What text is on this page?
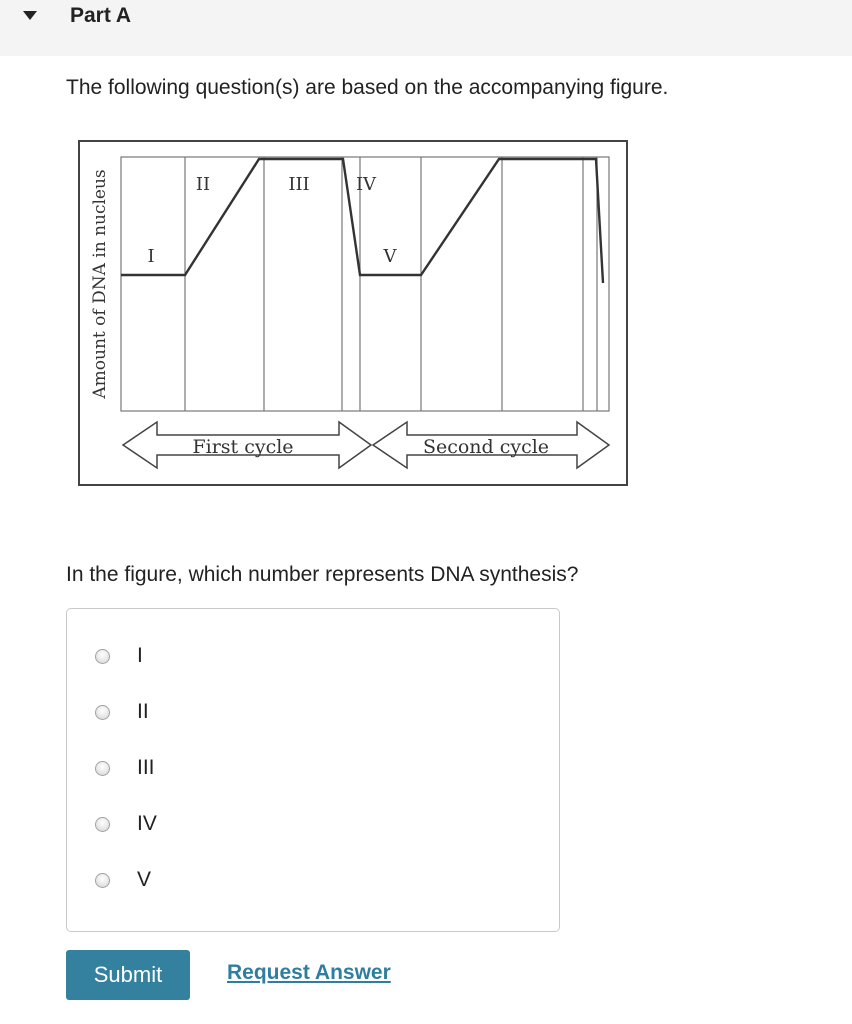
Part A
The following question(s) are based on the accompanying figure.
I
II	III	IV
V
Amount of DNA in nucleus
First cycle	Second cycle
In the figure, which number represents DNA synthesis?
I
II
III
IV
V
Submit	Request Answer
